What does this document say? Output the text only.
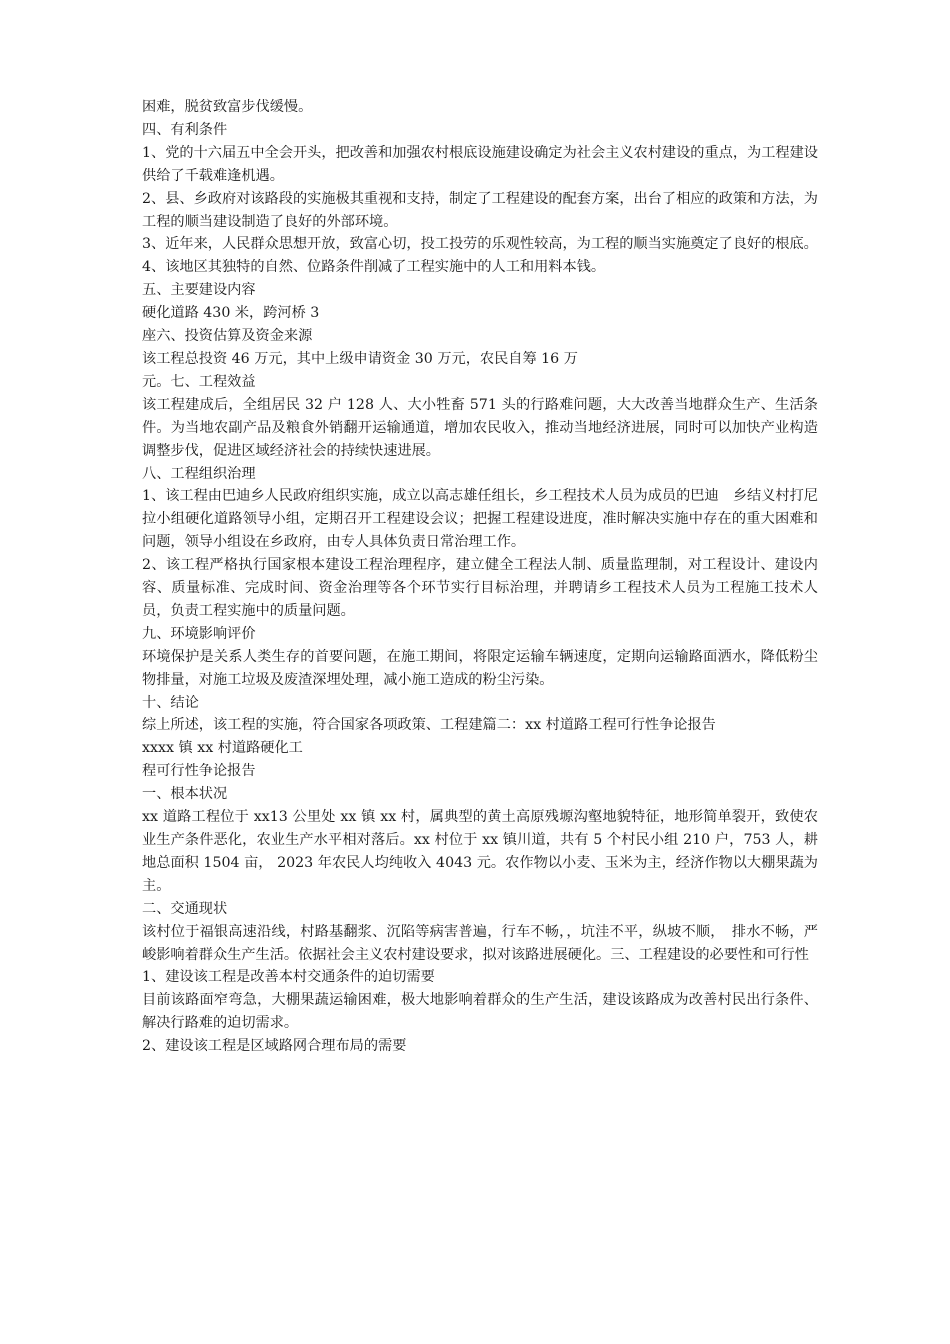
困难，脱贫致富步伐缓慢。

四、有利条件

1、党的十六届五中全会开头，把改善和加强农村根底设施建设确定为社会主义农村建设的重点，为工程建设供给了千载难逢机遇。

2、县、乡政府对该路段的实施极其重视和支持，制定了工程建设的配套方案，出台了相应的政策和方法，为工程的顺当建设制造了良好的外部环境。

3、近年来，人民群众思想开放，致富心切，投工投劳的乐观性较高，为工程的顺当实施奠定了良好的根底。

4、该地区其独特的自然、位路条件削减了工程实施中的人工和用料本钱。

五、主要建设内容

硬化道路 430 米，跨河桥 3

座六、投资估算及资金来源

该工程总投资 46 万元，其中上级申请资金 30 万元，农民自筹 16 万

元。七、工程效益

该工程建成后，全组居民 32 户 128 人、大小牲畜 571 头的行路难问题，大大改善当地群众生产、生活条件。为当地农副产品及粮食外销翻开运输通道，增加农民收入，推动当地经济进展，同时可以加快产业构造调整步伐，促进区域经济社会的持续快速进展。

八、工程组织治理

1、该工程由巴迪乡人民政府组织实施，成立以高志雄任组长，乡工程技术人员为成员的巴迪　乡结义村打尼拉小组硬化道路领导小组，定期召开工程建设会议；把握工程建设进度，准时解决实施中存在的重大困难和问题，领导小组设在乡政府，由专人具体负责日常治理工作。

2、该工程严格执行国家根本建设工程治理程序，建立健全工程法人制、质量监理制，对工程设计、建设内容、质量标准、完成时间、资金治理等各个环节实行目标治理，并聘请乡工程技术人员为工程施工技术人员，负责工程实施中的质量问题。

九、环境影响评价

环境保护是关系人类生存的首要问题，在施工期间，将限定运输车辆速度，定期向运输路面洒水，降低粉尘物排量，对施工垃圾及废渣深埋处理，减小施工造成的粉尘污染。

十、结论

综上所述，该工程的实施，符合国家各项政策、工程建篇二：xx 村道路工程可行性争论报告

xxxx 镇 xx 村道路硬化工

程可行性争论报告

一、根本状况

xx 道路工程位于 xx13 公里处 xx 镇 xx 村，属典型的黄土高原残塬沟壑地貌特征，地形简单裂开，致使农业生产条件恶化，农业生产水平相对落后。xx 村位于 xx 镇川道，共有 5 个村民小组 210 户，753 人，耕地总面积 1504 亩， 2023 年农民人均纯收入 4043 元。农作物以小麦、玉米为主，经济作物以大棚果蔬为主。

二、交通现状

该村位于福银高速沿线，村路基翻浆、沉陷等病害普遍，行车不畅，，坑洼不平，纵坡不顺，　排水不畅，严峻影响着群众生产生活。依据社会主义农村建设要求，拟对该路进展硬化。三、工程建设的必要性和可行性

1、建设该工程是改善本村交通条件的迫切需要

目前该路面窄弯急，大棚果蔬运输困难，极大地影响着群众的生产生活，建设该路成为改善村民出行条件、解决行路难的迫切需求。

2、建设该工程是区域路网合理布局的需要
